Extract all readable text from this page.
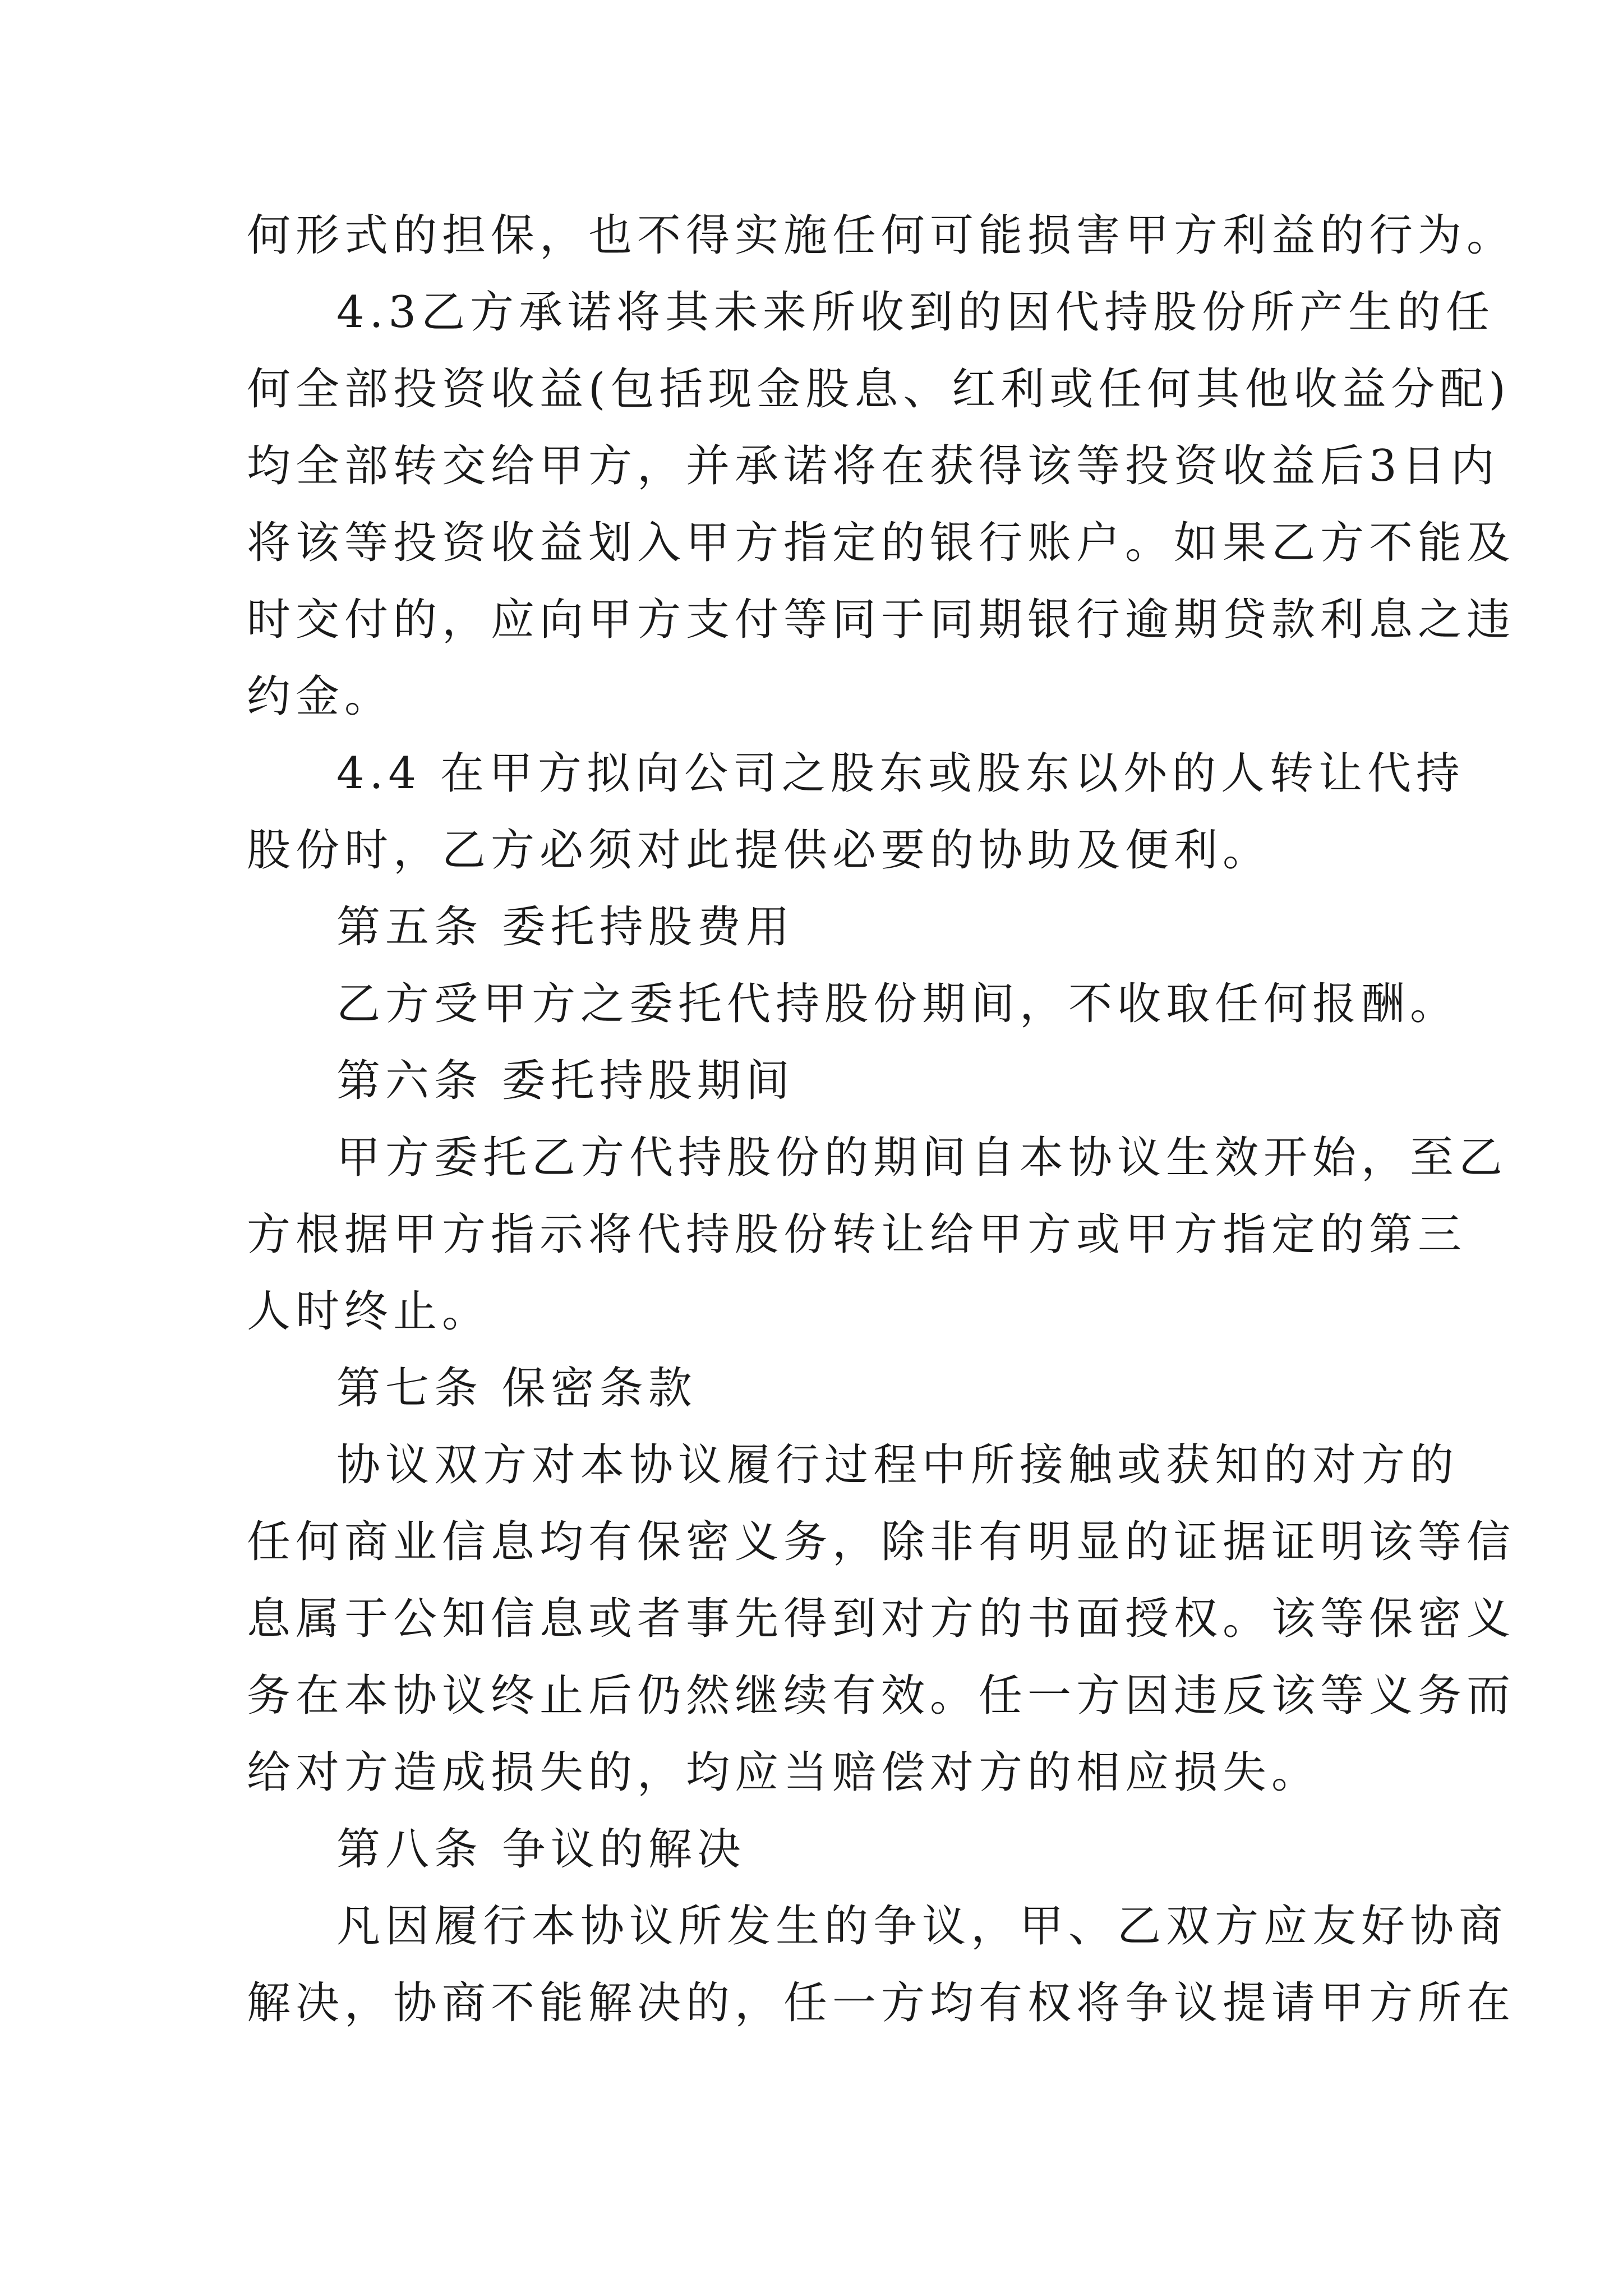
何形式的担保，也不得实施任何可能损害甲方利益的行为。
4.3乙方承诺将其未来所收到的因代持股份所产生的任
何全部投资收益(包括现金股息、红利或任何其他收益分配)
均全部转交给甲方，并承诺将在获得该等投资收益后3日内
将该等投资收益划入甲方指定的银行账户。如果乙方不能及
时交付的，应向甲方支付等同于同期银行逾期贷款利息之违
约金。
4.4 在甲方拟向公司之股东或股东以外的人转让代持
股份时，乙方必须对此提供必要的协助及便利。
第五条 委托持股费用
乙方受甲方之委托代持股份期间，不收取任何报酬。
第六条 委托持股期间
甲方委托乙方代持股份的期间自本协议生效开始，至乙
方根据甲方指示将代持股份转让给甲方或甲方指定的第三
人时终止。
第七条 保密条款
协议双方对本协议履行过程中所接触或获知的对方的
任何商业信息均有保密义务，除非有明显的证据证明该等信
息属于公知信息或者事先得到对方的书面授权。该等保密义
务在本协议终止后仍然继续有效。任一方因违反该等义务而
给对方造成损失的，均应当赔偿对方的相应损失。
第八条 争议的解决
凡因履行本协议所发生的争议，甲、乙双方应友好协商
解决，协商不能解决的，任一方均有权将争议提请甲方所在
